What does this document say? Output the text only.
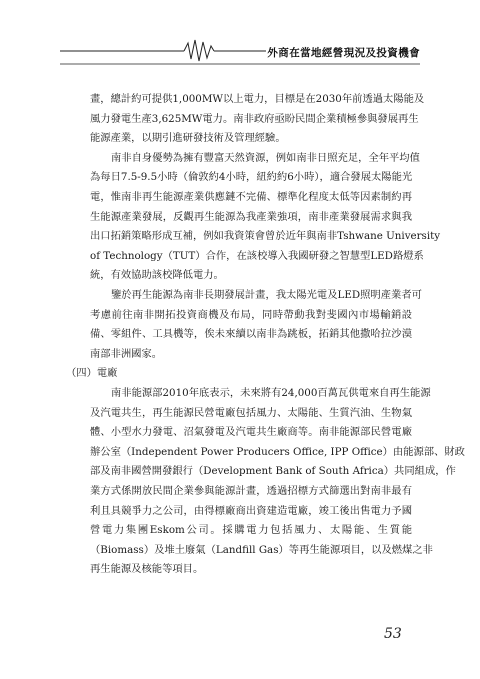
外商在當地經營現況及投資機會
畫，總計約可提供1,000MW以上電力，目標是在2030年前透過太陽能及
風力發電生產3,625MW電力。南非政府亟盼民間企業積極參與發展再生
能源產業，以期引進研發技術及管理經驗。
南非自身優勢為擁有豐富天然資源，例如南非日照充足，全年平均值
為每日7.5-9.5小時（倫敦約4小時，紐約約6小時），適合發展太陽能光
電，惟南非再生能源產業供應鏈不完備、標準化程度太低等因素制約再
生能源產業發展，反觀再生能源為我產業強項，南非產業發展需求與我
出口拓銷策略形成互補，例如我資策會曾於近年與南非Tshwane University
of Technology（TUT）合作，在該校導入我國研發之智慧型LED路燈系
統，有效協助該校降低電力。
鑒於再生能源為南非長期發展計畫，我太陽光電及LED照明產業者可
考慮前往南非開拓投資商機及布局，同時帶動我對斐國內市場輸銷設
備、零組件、工具機等，俟未來續以南非為跳板，拓銷其他撒哈拉沙漠
南部非洲國家。
（四）電廠
南非能源部2010年底表示，未來將有24,000百萬瓦供電來自再生能源
及汽電共生，再生能源民營電廠包括風力、太陽能、生質汽油、生物氣
體、小型水力發電、沼氣發電及汽電共生廠商等。南非能源部民營電廠
辦公室（Independent Power Producers Office, IPP Office）由能源部、財政
部及南非國營開發銀行（Development Bank of South Africa）共同組成，作
業方式係開放民間企業參與能源計畫，透過招標方式篩選出對南非最有
利且具競爭力之公司，由得標廠商出資建造電廠，竣工後出售電力予國
營電力集團Eskom公司。採購電力包括風力、太陽能、生質能
（Biomass）及堆土廢氣（Landfill Gas）等再生能源項目，以及燃煤之非
再生能源及核能等項目。
53
